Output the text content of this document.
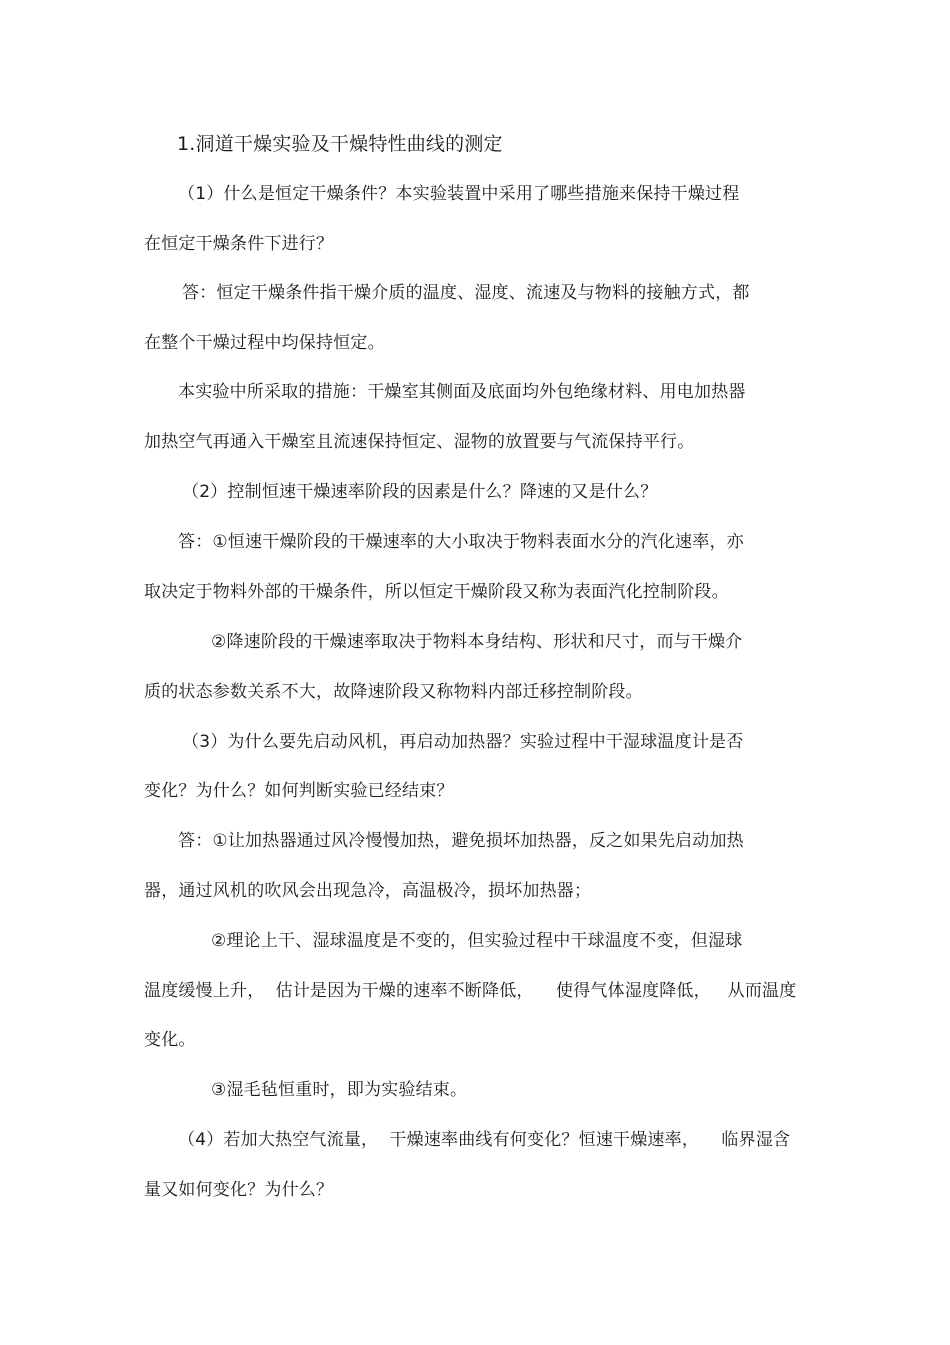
1.洞道干燥实验及干燥特性曲线的测定
（1）什么是恒定干燥条件？本实验装置中采用了哪些措施来保持干燥过程
在恒定干燥条件下进行？
答：恒定干燥条件指干燥介质的温度、湿度、流速及与物料的接触方式，都
在整个干燥过程中均保持恒定。
本实验中所采取的措施：干燥室其侧面及底面均外包绝缘材料、用电加热器
加热空气再通入干燥室且流速保持恒定、湿物的放置要与气流保持平行。
（2）控制恒速干燥速率阶段的因素是什么？降速的又是什么？
答：①恒速干燥阶段的干燥速率的大小取决于物料表面水分的汽化速率，亦
取决定于物料外部的干燥条件，所以恒定干燥阶段又称为表面汽化控制阶段。
②降速阶段的干燥速率取决于物料本身结构、形状和尺寸，而与干燥介
质的状态参数关系不大，故降速阶段又称物料内部迁移控制阶段。
（3）为什么要先启动风机，再启动加热器？实验过程中干湿球温度计是否
变化？为什么？如何判断实验已经结束？
答：①让加热器通过风冷慢慢加热，避免损坏加热器，反之如果先启动加热
器，通过风机的吹风会出现急冷，高温极冷，损坏加热器；
②理论上干、湿球温度是不变的，但实验过程中干球温度不变，但湿球
温度缓慢上升，  估计是因为干燥的速率不断降低，    使得气体湿度降低，   从而温度
变化。
③湿毛毡恒重时，即为实验结束。
（4）若加大热空气流量，  干燥速率曲线有何变化？恒速干燥速率，    临界湿含
量又如何变化？为什么？
